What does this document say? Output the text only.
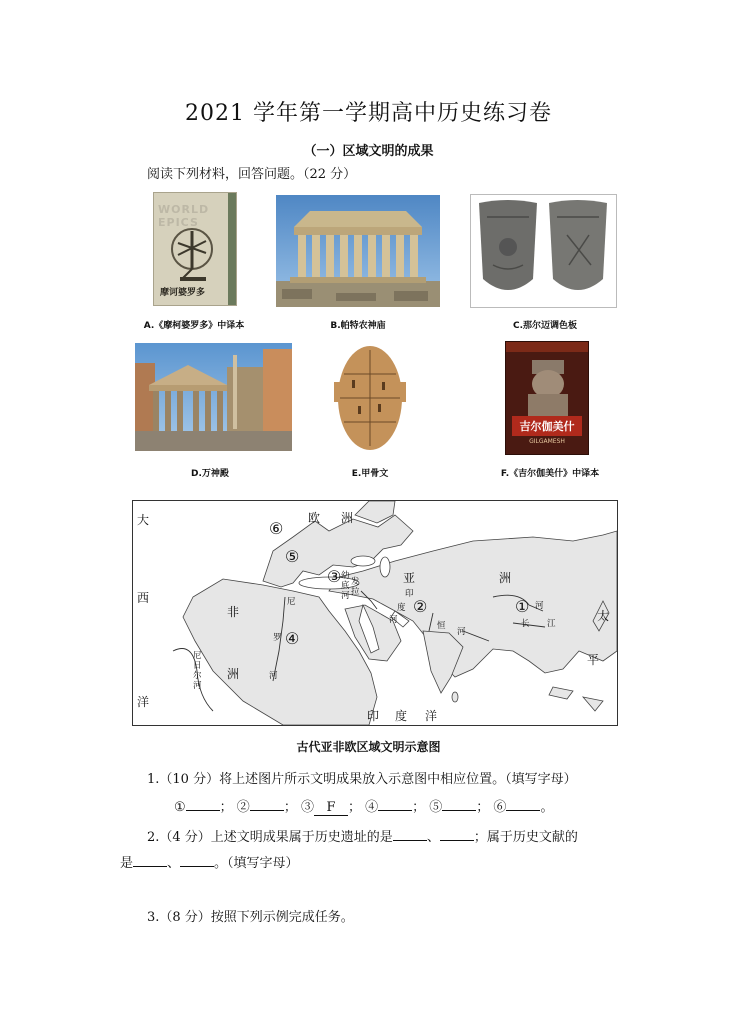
2021 学年第一学期高中历史练习卷
（一）区域文明的成果
阅读下列材料，回答问题。（22 分）
WORLD EPICS
摩诃婆罗多
A.《摩柯婆罗多》中译本	B.帕特农神庙	C.那尔迈调色板
D.万神殿	E.甲骨文
吉尔伽美什
GILGAMESH
F.《吉尔伽美什》中译本
大
西
洋
欧 洲
亚	洲
非
洲
太
平
印 度 洋
尼
罗
河
尼日尔河
幼底河
发拉	印
度
河
恒
河
河
长 江
⑥
⑤
③
②	①
④
古代亚非欧区域文明示意图
1.（10 分）将上述图片所示文明成果放入示意图中相应位置。（填写字母）
①	； ②	； ③ F ； ④	； ⑤	； ⑥	。
2.（4 分）上述文明成果属于历史遗址的是	、	；属于历史文献的
是	、	。（填写字母）
3.（8 分）按照下列示例完成任务。
